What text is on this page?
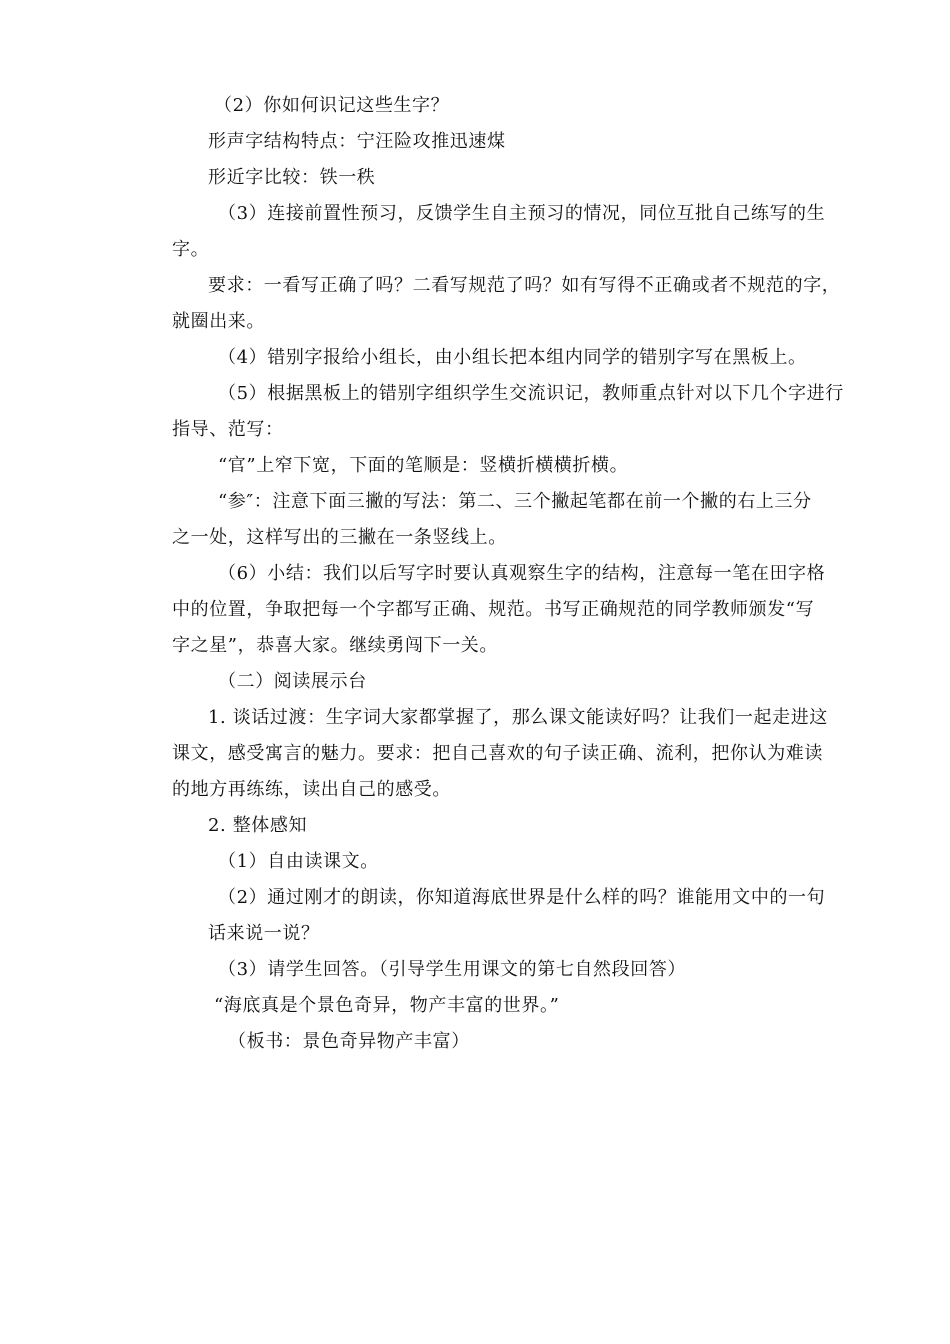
（2）你如何识记这些生字？
形声字结构特点：宁汪险攻推迅速煤
形近字比较：铁一秩
（3）连接前置性预习，反馈学生自主预习的情况，同位互批自己练写的生
字。
要求：一看写正确了吗？二看写规范了吗？如有写得不正确或者不规范的字，
就圈出来。
（4）错别字报给小组长，由小组长把本组内同学的错别字写在黑板上。
（5）根据黑板上的错别字组织学生交流识记，教师重点针对以下几个字进行
指导、范写：
“官”上窄下宽，下面的笔顺是：竖横折横横折横。
“参″：注意下面三撇的写法：第二、三个撇起笔都在前一个撇的右上三分
之一处，这样写出的三撇在一条竖线上。
（6）小结：我们以后写字时要认真观察生字的结构，注意每一笔在田字格
中的位置，争取把每一个字都写正确、规范。书写正确规范的同学教师颁发“写
字之星”，恭喜大家。继续勇闯下一关。
（二）阅读展示台
1. 谈话过渡：生字词大家都掌握了，那么课文能读好吗？让我们一起走进这
课文，感受寓言的魅力。要求：把自己喜欢的句子读正确、流利，把你认为难读
的地方再练练，读出自己的感受。
2. 整体感知
（1）自由读课文。
（2）通过刚才的朗读，你知道海底世界是什么样的吗？谁能用文中的一句
话来说一说？
（3）请学生回答。（引导学生用课文的第七自然段回答）
“海底真是个景色奇异，物产丰富的世界。”
（板书：景色奇异物产丰富）
